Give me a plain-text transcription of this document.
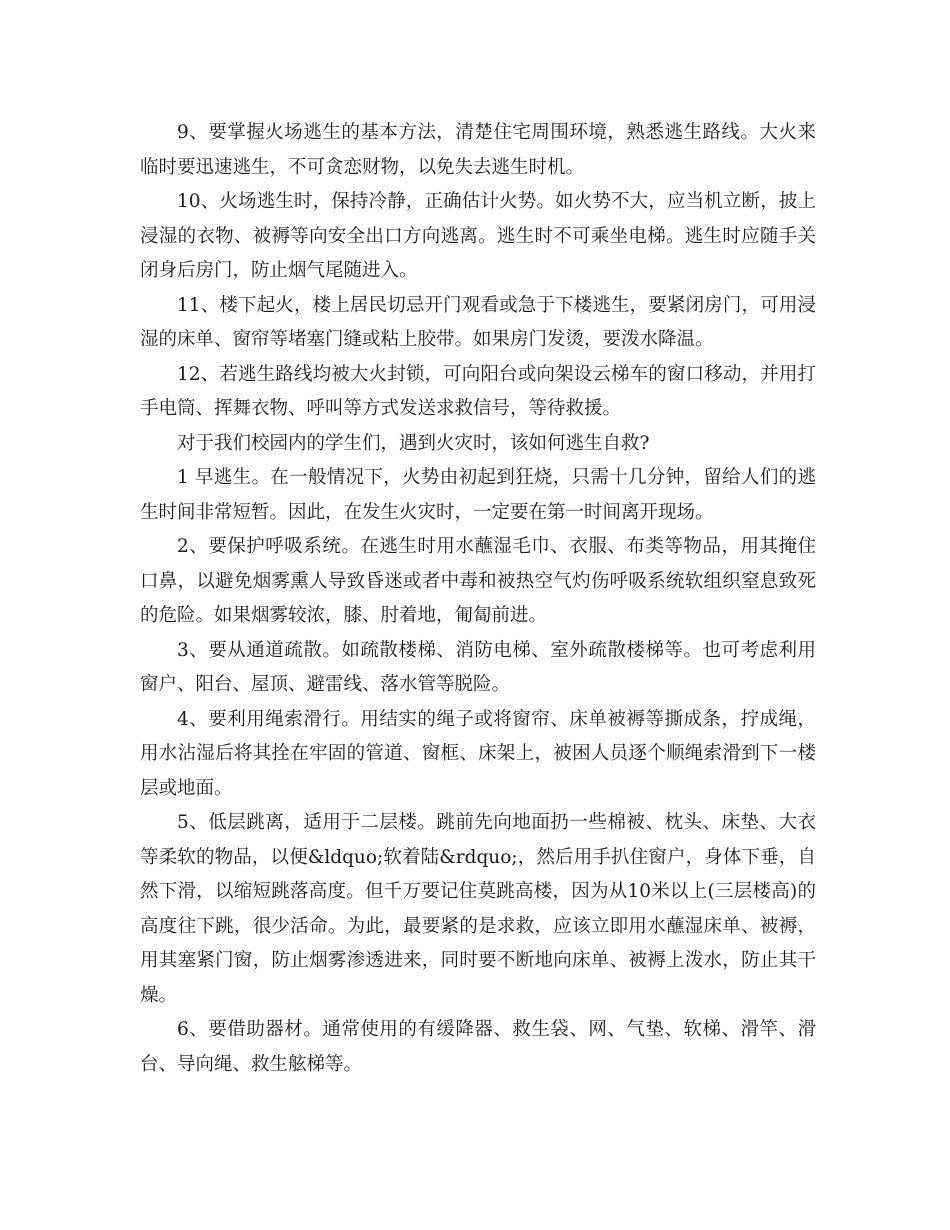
9、要掌握火场逃生的基本方法，清楚住宅周围环境，熟悉逃生路线。大火来临时要迅速逃生，不可贪恋财物，以免失去逃生时机。

10、火场逃生时，保持冷静，正确估计火势。如火势不大，应当机立断，披上浸湿的衣物、被褥等向安全出口方向逃离。逃生时不可乘坐电梯。逃生时应随手关闭身后房门，防止烟气尾随进入。

11、楼下起火，楼上居民切忌开门观看或急于下楼逃生，要紧闭房门，可用浸湿的床单、窗帘等堵塞门缝或粘上胶带。如果房门发烫，要泼水降温。

12、若逃生路线均被大火封锁，可向阳台或向架设云梯车的窗口移动，并用打手电筒、挥舞衣物、呼叫等方式发送求救信号，等待救援。

对于我们校园内的学生们，遇到火灾时，该如何逃生自救?

1 早逃生。在一般情况下，火势由初起到狂烧，只需十几分钟，留给人们的逃生时间非常短暂。因此，在发生火灾时，一定要在第一时间离开现场。

2、要保护呼吸系统。在逃生时用水蘸湿毛巾、衣服、布类等物品，用其掩住口鼻，以避免烟雾熏人导致昏迷或者中毒和被热空气灼伤呼吸系统软组织窒息致死的危险。如果烟雾较浓，膝、肘着地，匍匐前进。

3、要从通道疏散。如疏散楼梯、消防电梯、室外疏散楼梯等。也可考虑利用窗户、阳台、屋顶、避雷线、落水管等脱险。

4、要利用绳索滑行。用结实的绳子或将窗帘、床单被褥等撕成条，拧成绳，用水沾湿后将其拴在牢固的管道、窗框、床架上，被困人员逐个顺绳索滑到下一楼层或地面。

5、低层跳离，适用于二层楼。跳前先向地面扔一些棉被、枕头、床垫、大衣等柔软的物品，以便&ldquo;软着陆&rdquo;，然后用手扒住窗户，身体下垂，自然下滑，以缩短跳落高度。但千万要记住莫跳高楼，因为从10米以上(三层楼高)的高度往下跳，很少活命。为此，最要紧的是求救，应该立即用水蘸湿床单、被褥，用其塞紧门窗，防止烟雾渗透进来，同时要不断地向床单、被褥上泼水，防止其干燥。

6、要借助器材。通常使用的有缓降器、救生袋、网、气垫、软梯、滑竿、滑台、导向绳、救生舷梯等。
